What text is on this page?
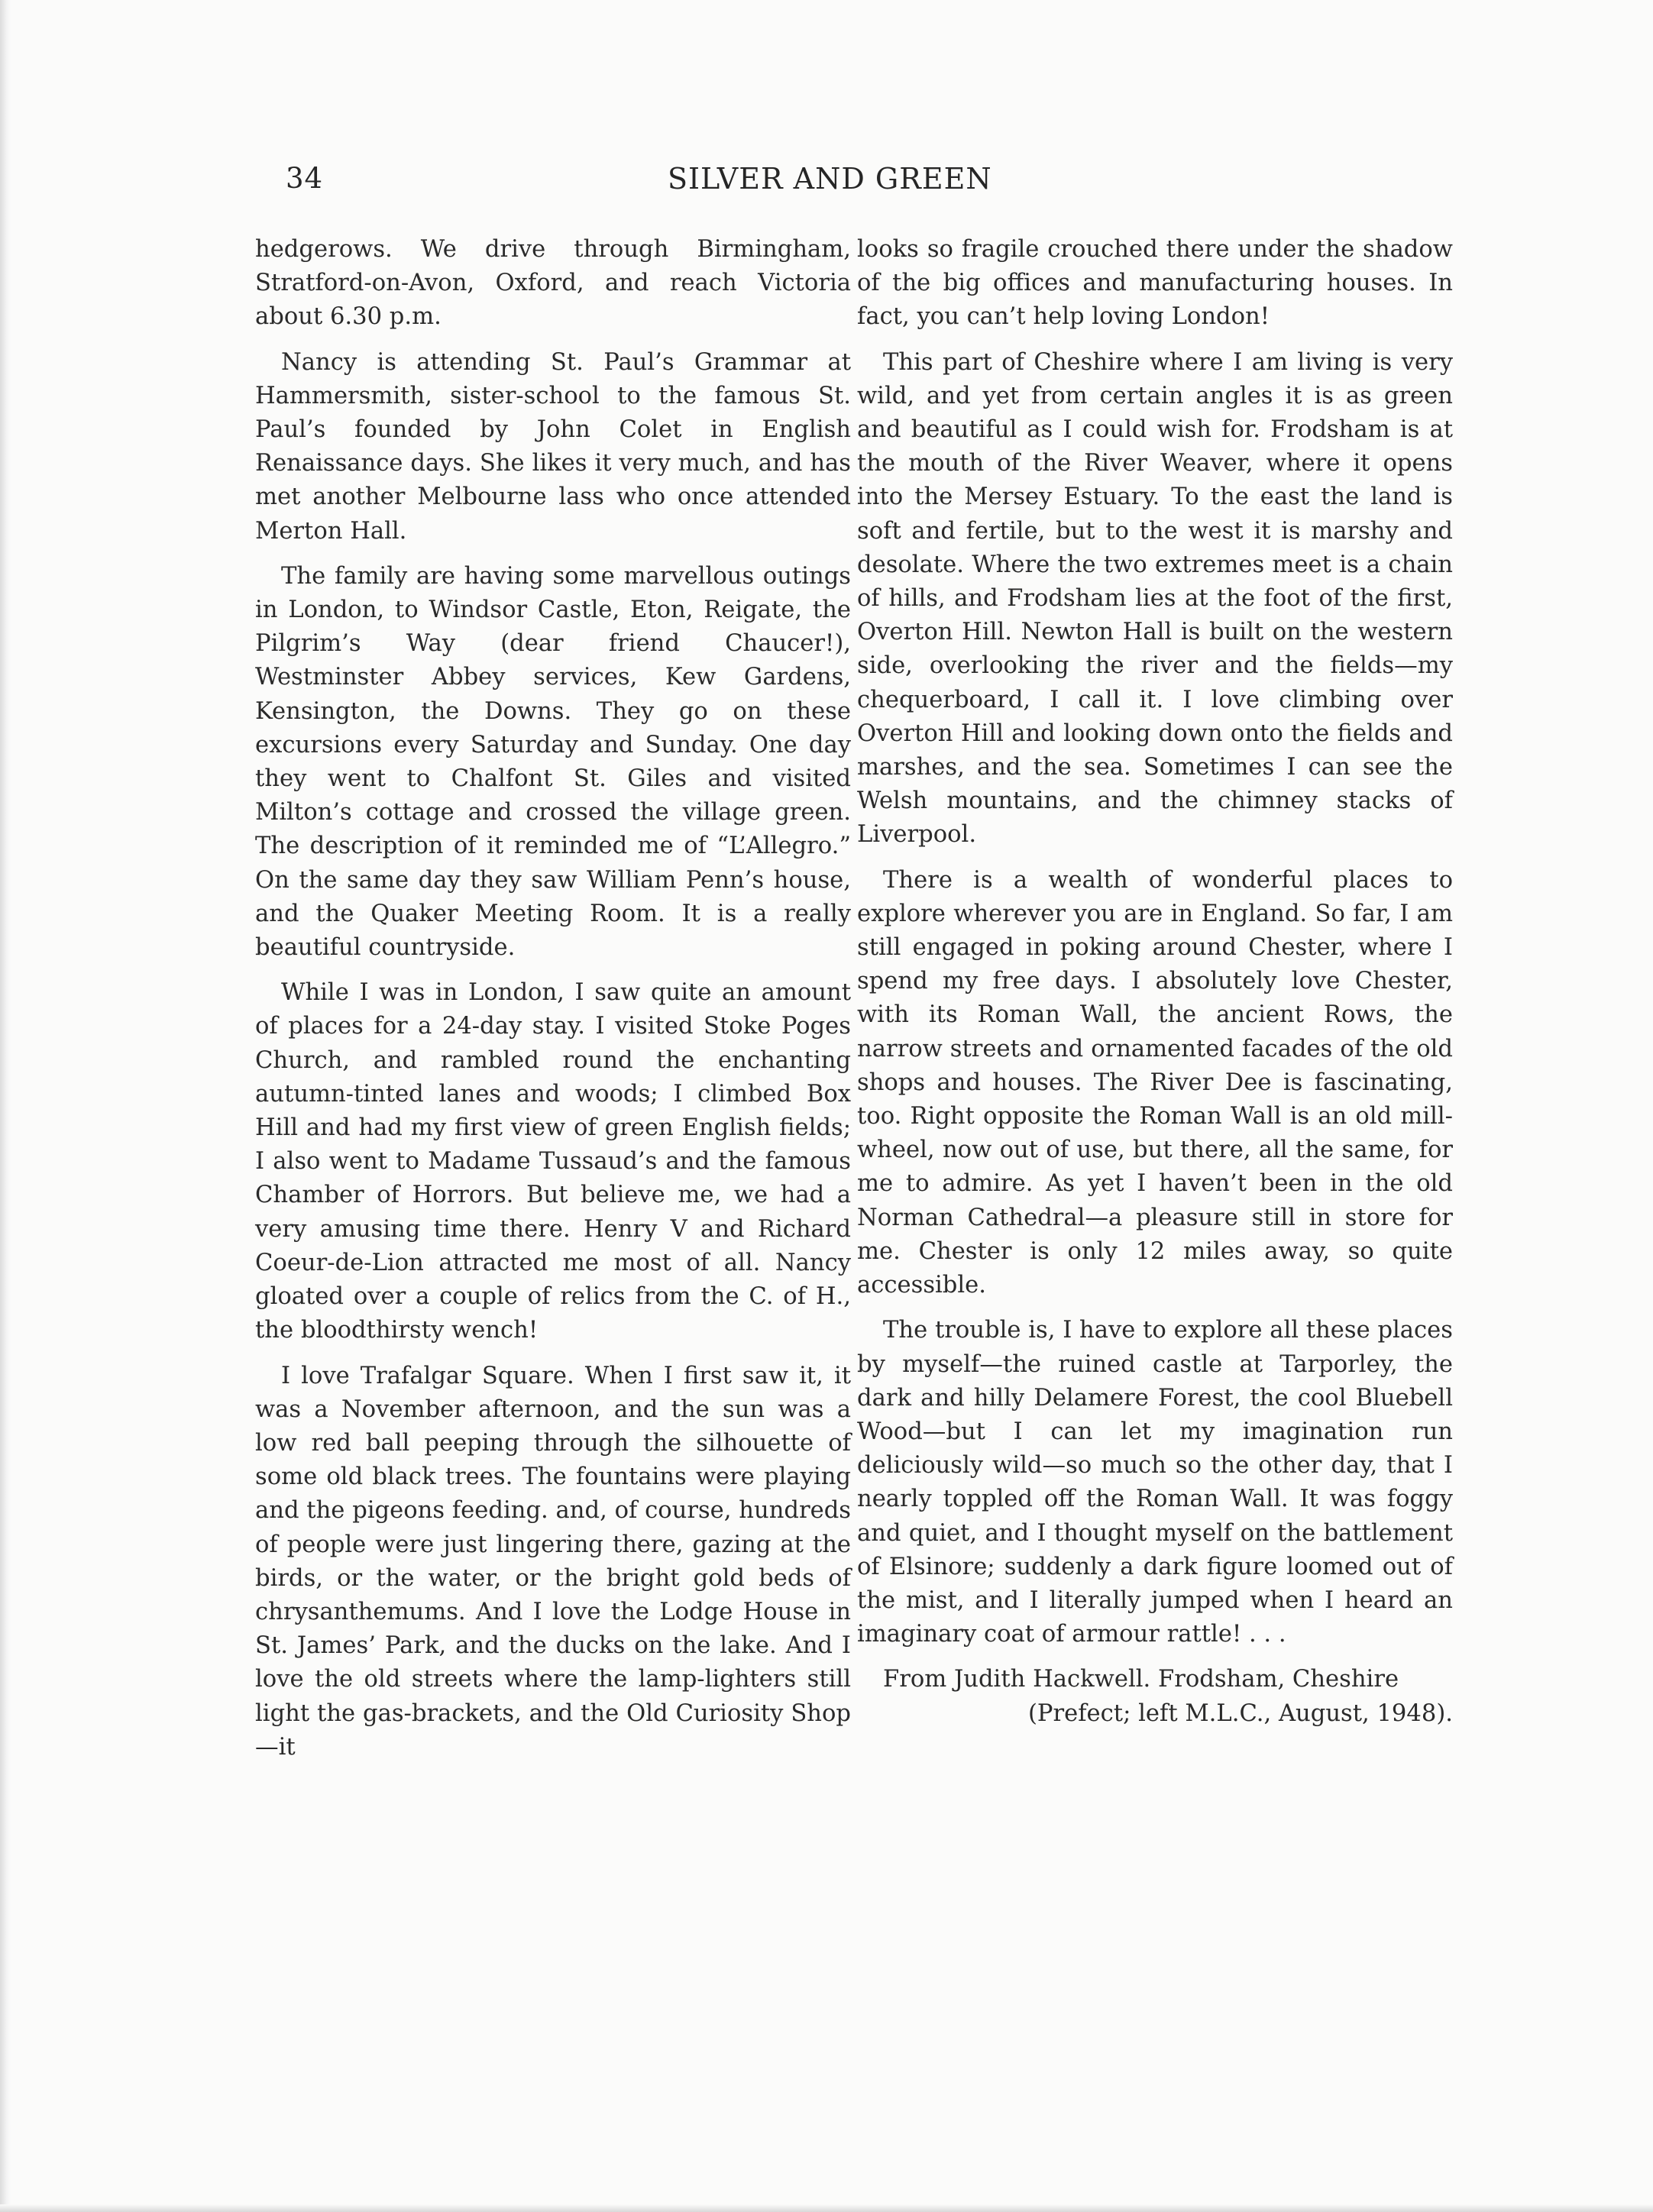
34	SILVER AND GREEN

hedgerows. We drive through Birmingham, Stratford-on-Avon, Oxford, and reach Victoria about 6.30 p.m.

Nancy is attending St. Paul’s Grammar at Hammersmith, sister-school to the famous St. Paul’s founded by John Colet in English Renaissance days. She likes it very much, and has met another Melbourne lass who once attended Merton Hall.

The family are having some marvellous outings in London, to Windsor Castle, Eton, Reigate, the Pilgrim’s Way (dear friend Chaucer!), Westminster Abbey services, Kew Gardens, Kensington, the Downs. They go on these excursions every Saturday and Sunday. One day they went to Chalfont St. Giles and visited Milton’s cottage and crossed the village green. The description of it reminded me of “L’Allegro.” On the same day they saw William Penn’s house, and the Quaker Meeting Room. It is a really beautiful countryside.

While I was in London, I saw quite an amount of places for a 24-day stay. I visited Stoke Poges Church, and rambled round the enchanting autumn-tinted lanes and woods; I climbed Box Hill and had my first view of green English fields; I also went to Madame Tussaud’s and the famous Chamber of Horrors. But believe me, we had a very amusing time there. Henry V and Richard Coeur-de-Lion attracted me most of all. Nancy gloated over a couple of relics from the C. of H., the bloodthirsty wench!

I love Trafalgar Square. When I first saw it, it was a November afternoon, and the sun was a low red ball peeping through the silhouette of some old black trees. The fountains were playing and the pigeons feeding. and, of course, hundreds of people were just lingering there, gazing at the birds, or the water, or the bright gold beds of chrysanthemums. And I love the Lodge House in St. James’ Park, and the ducks on the lake. And I love the old streets where the lamp-lighters still light the gas-brackets, and the Old Curiosity Shop—it

looks so fragile crouched there under the shadow of the big offices and manufacturing houses. In fact, you can’t help loving London!

This part of Cheshire where I am living is very wild, and yet from certain angles it is as green and beautiful as I could wish for. Frodsham is at the mouth of the River Weaver, where it opens into the Mersey Estuary. To the east the land is soft and fertile, but to the west it is marshy and desolate. Where the two extremes meet is a chain of hills, and Frodsham lies at the foot of the first, Overton Hill. Newton Hall is built on the western side, overlooking the river and the fields—my chequerboard, I call it. I love climbing over Overton Hill and looking down onto the fields and marshes, and the sea. Sometimes I can see the Welsh mountains, and the chimney stacks of Liverpool.

There is a wealth of wonderful places to explore wherever you are in England. So far, I am still engaged in poking around Chester, where I spend my free days. I absolutely love Chester, with its Roman Wall, the ancient Rows, the narrow streets and ornamented facades of the old shops and houses. The River Dee is fascinating, too. Right opposite the Roman Wall is an old mill-wheel, now out of use, but there, all the same, for me to admire. As yet I haven’t been in the old Norman Cathedral—a pleasure still in store for me. Chester is only 12 miles away, so quite accessible.

The trouble is, I have to explore all these places by myself—the ruined castle at Tarporley, the dark and hilly Delamere Forest, the cool Bluebell Wood—but I can let my imagination run deliciously wild—so much so the other day, that I nearly toppled off the Roman Wall. It was foggy and quiet, and I thought myself on the battlement of Elsinore; suddenly a dark figure loomed out of the mist, and I literally jumped when I heard an imaginary coat of armour rattle! . . .

From Judith Hackwell. Frodsham, Cheshire
(Prefect; left M.L.C., August, 1948).
